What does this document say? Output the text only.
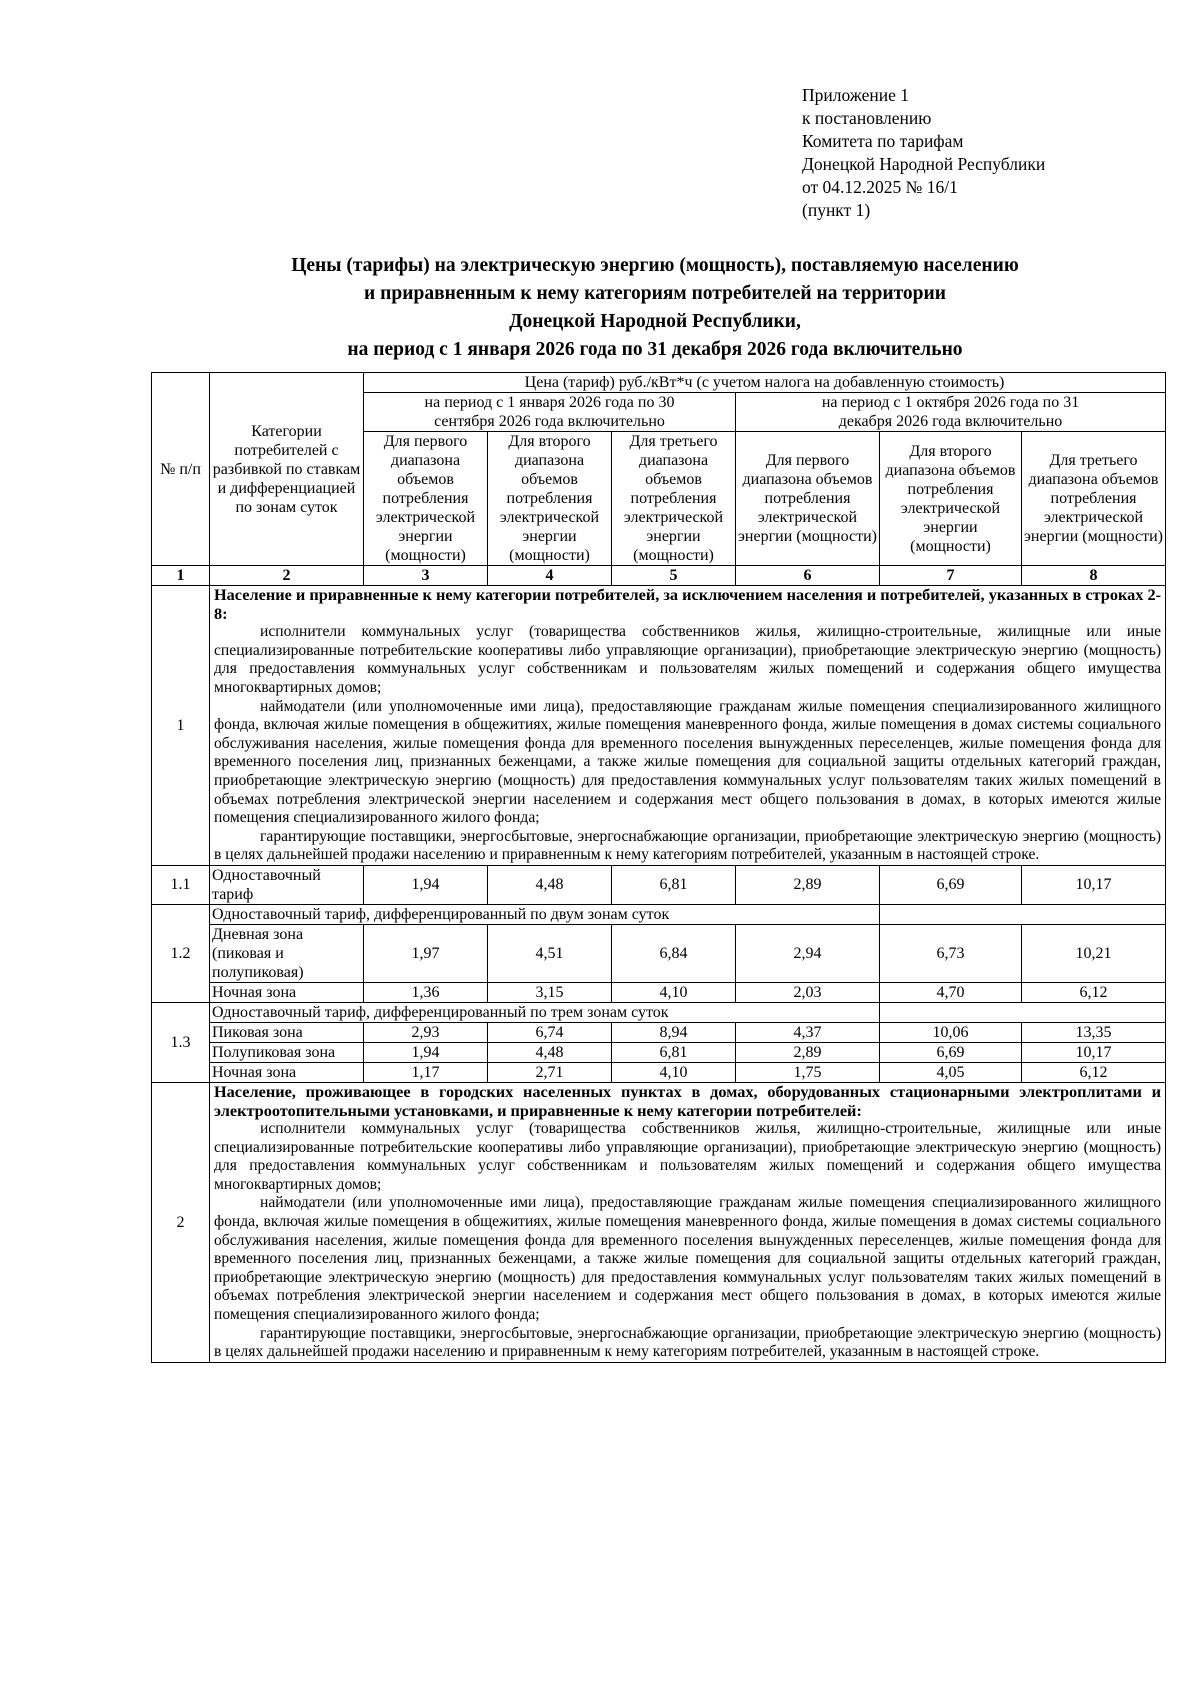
Приложение 1
к постановлению
Комитета по тарифам
Донецкой Народной Республики
от 04.12.2025 № 16/1
(пункт 1)
Цены (тарифы) на электрическую энергию (мощность), поставляемую населению
и приравненным к нему категориям потребителей на территории
Донецкой Народной Республики,
на период с 1 января 2026 года по 31 декабря 2026 года включительно
№ п/п	Категории потребителей с разбивкой по ставкам и дифференциацией по зонам суток	Цена (тариф) руб./кВт*ч (с учетом налога на добавленную стоимость)					
		на период с 1 января 2026 года по 30 сентября 2026 года включительно			на период с 1 октября 2026 года по 31 декабря 2026 года включительно		
		Для первого диапазона объемов потребления электрической энергии (мощности)	Для второго диапазона объемов потребления электрической энергии (мощности)	Для третьего диапазона объемов потребления электрической энергии (мощности)	Для первого диапазона объемов потребления электрической энергии (мощности)	Для второго диапазона объемов потребления электрической энергии (мощности)	Для третьего диапазона объемов потребления электрической энергии (мощности)
1	2	3	4	5	6	7	8
1	Население и приравненные к нему категории потребителей, за исключением населения и потребителей, указанных в строках 2-8:

исполнители коммунальных услуг (товарищества собственников жилья, жилищно-строительные, жилищные или иные специализированные потребительские кооперативы либо управляющие организации), приобретающие электрическую энергию (мощность) для предоставления коммунальных услуг собственникам и пользователям жилых помещений и содержания общего имущества многоквартирных домов;

наймодатели (или уполномоченные ими лица), предоставляющие гражданам жилые помещения специализированного жилищного фонда, включая жилые помещения в общежитиях, жилые помещения маневренного фонда, жилые помещения в домах системы социального обслуживания населения, жилые помещения фонда для временного поселения вынужденных переселенцев, жилые помещения фонда для временного поселения лиц, признанных беженцами, а также жилые помещения для социальной защиты отдельных категорий граждан, приобретающие электрическую энергию (мощность) для предоставления коммунальных услуг пользователям таких жилых помещений в объемах потребления электрической энергии населением и содержания мест общего пользования в домах, в которых имеются жилые помещения специализированного жилого фонда;

гарантирующие поставщики, энергосбытовые, энергоснабжающие организации, приобретающие электрическую энергию (мощность) в целях дальнейшей продажи населению и приравненным к нему категориям потребителей, указанным в настоящей строке.						

1.1	Одноставочный тариф	1,94	4,48	6,81	2,89	6,69	10,17
1.2	Одноставочный тариф, дифференцированный по двум зонам суток						
	Дневная зона (пиковая и полупиковая)	1,97	4,51	6,84	2,94	6,73	10,21
	Ночная зона	1,36	3,15	4,10	2,03	4,70	6,12
1.3	Одноставочный тариф, дифференцированный по трем зонам суток						
	Пиковая зона	2,93	6,74	8,94	4,37	10,06	13,35
	Полупиковая зона	1,94	4,48	6,81	2,89	6,69	10,17
	Ночная зона	1,17	2,71	4,10	1,75	4,05	6,12
2	Население, проживающее в городских населенных пунктах в домах, оборудованных стационарными электроплитами и электроотопительными установками, и приравненные к нему категории потребителей:

исполнители коммунальных услуг (товарищества собственников жилья, жилищно-строительные, жилищные или иные специализированные потребительские кооперативы либо управляющие организации), приобретающие электрическую энергию (мощность) для предоставления коммунальных услуг собственникам и пользователям жилых помещений и содержания общего имущества многоквартирных домов;

наймодатели (или уполномоченные ими лица), предоставляющие гражданам жилые помещения специализированного жилищного фонда, включая жилые помещения в общежитиях, жилые помещения маневренного фонда, жилые помещения в домах системы социального обслуживания населения, жилые помещения фонда для временного поселения вынужденных переселенцев, жилые помещения фонда для временного поселения лиц, признанных беженцами, а также жилые помещения для социальной защиты отдельных категорий граждан, приобретающие электрическую энергию (мощность) для предоставления коммунальных услуг пользователям таких жилых помещений в объемах потребления электрической энергии населением и содержания мест общего пользования в домах, в которых имеются жилые помещения специализированного жилого фонда;

гарантирующие поставщики, энергосбытовые, энергоснабжающие организации, приобретающие электрическую энергию (мощность) в целях дальнейшей продажи населению и приравненным к нему категориям потребителей, указанным в настоящей строке.						
